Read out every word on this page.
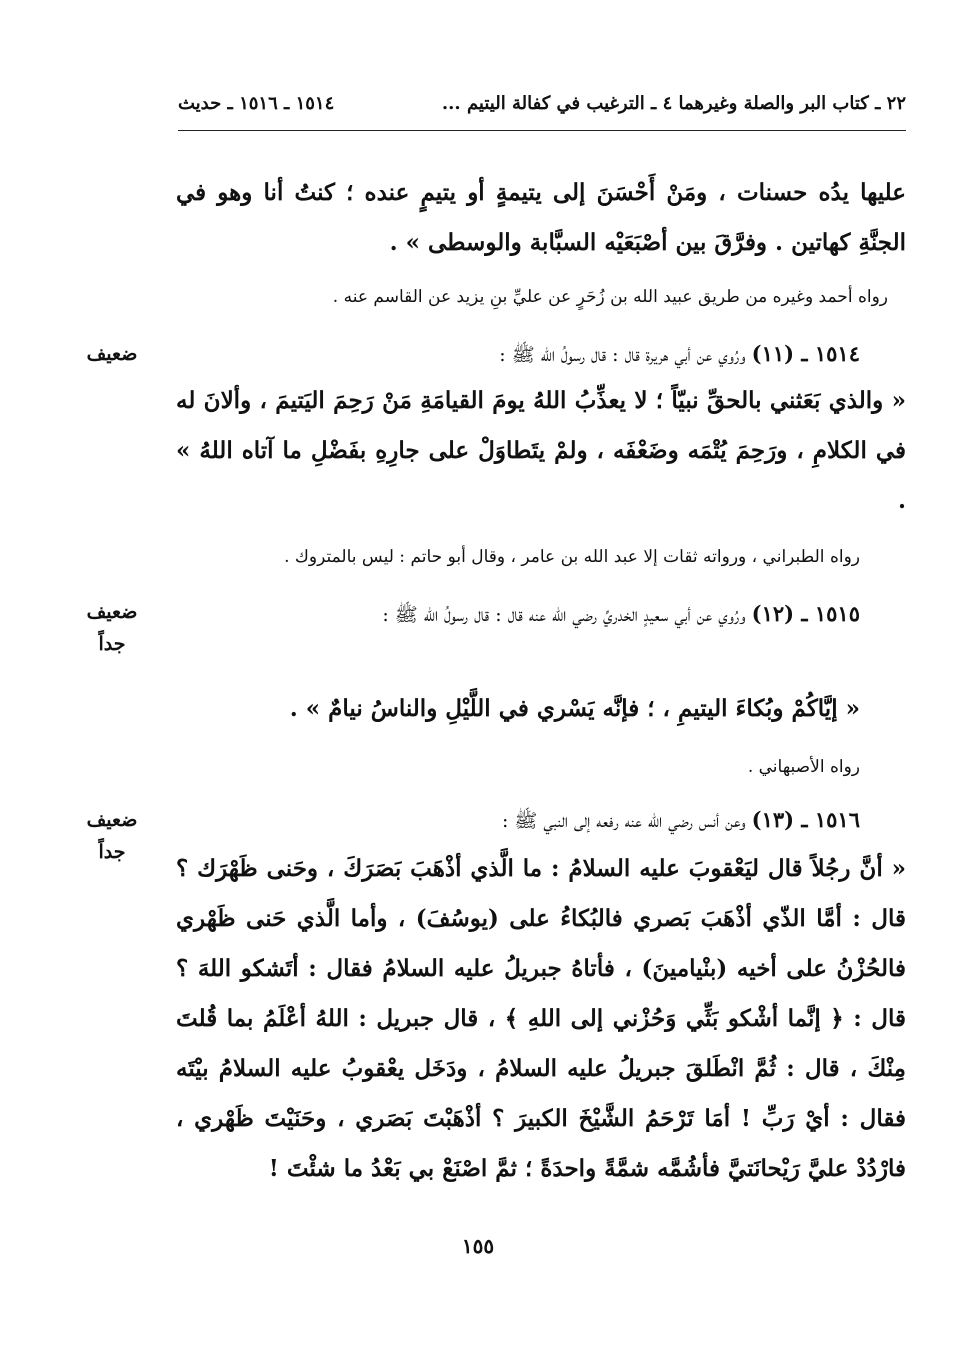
٢٢ ـ كتاب البر والصلة وغيرهما ٤ ـ الترغيب في كفالة اليتيم ...
١٥١٤ ـ ١٥١٦ ـ حديث
عليها يدُه حسنات ، ومَنْ أَحْسَنَ إلى يتيمةٍ أو يتيمٍ عنده ؛ كنتُ أنا وهو في الجنَّةِ كهاتين . وفرَّقَ بين أصْبَعَيْه السبَّابة والوسطى » .
رواه أحمد وغيره من طريق عبيد الله بن زُحَرٍ عن عليِّ بنِ يزيد عن القاسم عنه .
ضعيف	١٥١٤ ـ (١١) ورُوي عن أبي هريرة قال : قال رسولُ الله ﷺ :
« والذي بَعَثني بالحقِّ نبيّاً ؛ لا يعذِّبُ اللهُ يومَ القيامَةِ مَنْ رَحِمَ اليَتيمَ ، وألانَ له في الكلامِ ، ورَحِمَ يُتْمَه وضَعْفَه ، ولمْ يتَطاوَلْ على جارِهِ بفَضْلِ ما آتاه اللهُ » .
رواه الطبراني ، ورواته ثقات إلا عبد الله بن عامر ، وقال أبو حاتم : ليس بالمتروك .
ضعيف جداً
١٥١٥ ـ (١٢) ورُوي عن أبي سعيدٍ الخدريِّ رضي الله عنه قال : قال رسولُ الله ﷺ :
« إيَّاكُمْ وبُكاءَ اليتيمِ ، ؛ فإنَّه يَسْري في اللَّيْلِ والناسُ نيامٌ » .
رواه الأصبهاني .
ضعيف جداً
١٥١٦ ـ (١٣) وعن أنس رضي الله عنه رفعه إلى النبي ﷺ :
« أنَّ رجُلاً قال ليَعْقوبَ عليه السلامُ : ما الَّذي أذْهَبَ بَصَرَكَ ، وحَنى ظَهْرَك ؟ قال : أمَّا الذّي أذْهَبَ بَصري فالبُكاءُ على (يوسُفَ) ، وأما الَّذي حَنى ظَهْري فالحُزْنُ على أخيه (بنْيامينَ) ، فأتاهُ جبريلُ عليه السلامُ فقال : أتَشكو اللهَ ؟ قال : ﴿ إنَّما أشْكو بَثِّي وَحُزْني إلى اللهِ ﴾ ، قال جبريل : اللهُ أعْلَمُ بما قُلتَ مِنْكَ ، قال : ثُمَّ انْطَلقَ جبريلُ عليه السلامُ ، ودَخَل يعْقوبُ عليه السلامُ بيْتَه فقال : أيْ رَبِّ ! أمَا تَرْحَمُ الشَّيْخَ الكبيرَ ؟ أذْهَبْتَ بَصَري ، وحَنَيْتَ ظَهْري ، فارْدُدْ عليَّ رَيْحانَتيَّ فأشُمَّه شمَّةً واحدَةً ؛ ثمَّ اصْنَعْ بي بَعْدُ ما شئْتَ !
١٥٥
